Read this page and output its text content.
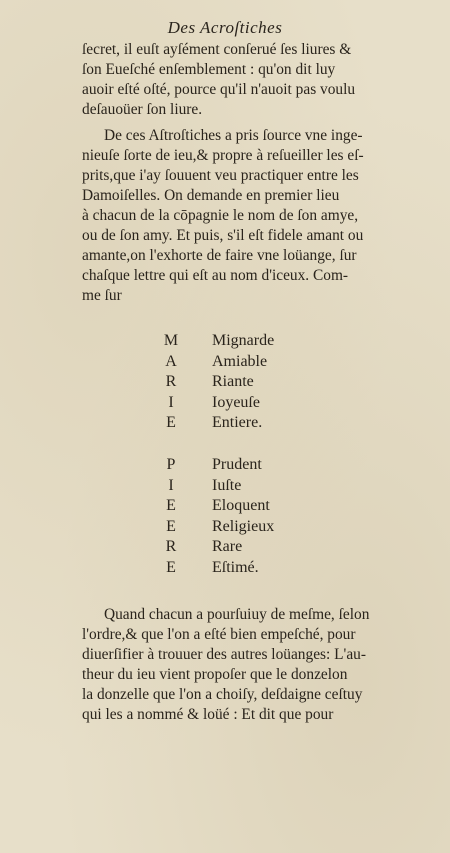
Des Acroſtiches
ſecret, il euſt ayſément conſerué ſes liures &
ſon Eueſché enſemblement : qu'on dit luy
auoir eſté oſté, pource qu'il n'auoit pas voulu
deſauoüer ſon liure.
De ces Aſtroſtiches a pris ſource vne inge-
nieuſe ſorte de ieu,& propre à reſueiller les eſ-
prits,que i'ay ſouuent veu practiquer entre les
Damoiſelles. On demande en premier lieu
à chacun de la cōpagnie le nom de ſon amye,
ou de ſon amy. Et puis, s'il eſt fidele amant ou
amante,on l'exhorte de faire vne loüange, ſur
chaſque lettre qui eſt au nom d'iceux. Com-
me ſur
M	Mignarde
A	Amiable
R	Riante
I	Ioyeuſe
E	Entiere.
P	Prudent
I	Iuſte
E	Eloquent
E	Religieux
R	Rare
E	Eſtimé.
Quand chacun a pourſuiuy de meſme, ſelon
l'ordre,& que l'on a eſté bien empeſché, pour
diuerſifier à trouuer des autres loüanges: L'au-
theur du ieu vient propoſer que le donzelon
la donzelle que l'on a choiſy, deſdaigne ceſtuy
qui les a nommé & loüé : Et dit que pour
